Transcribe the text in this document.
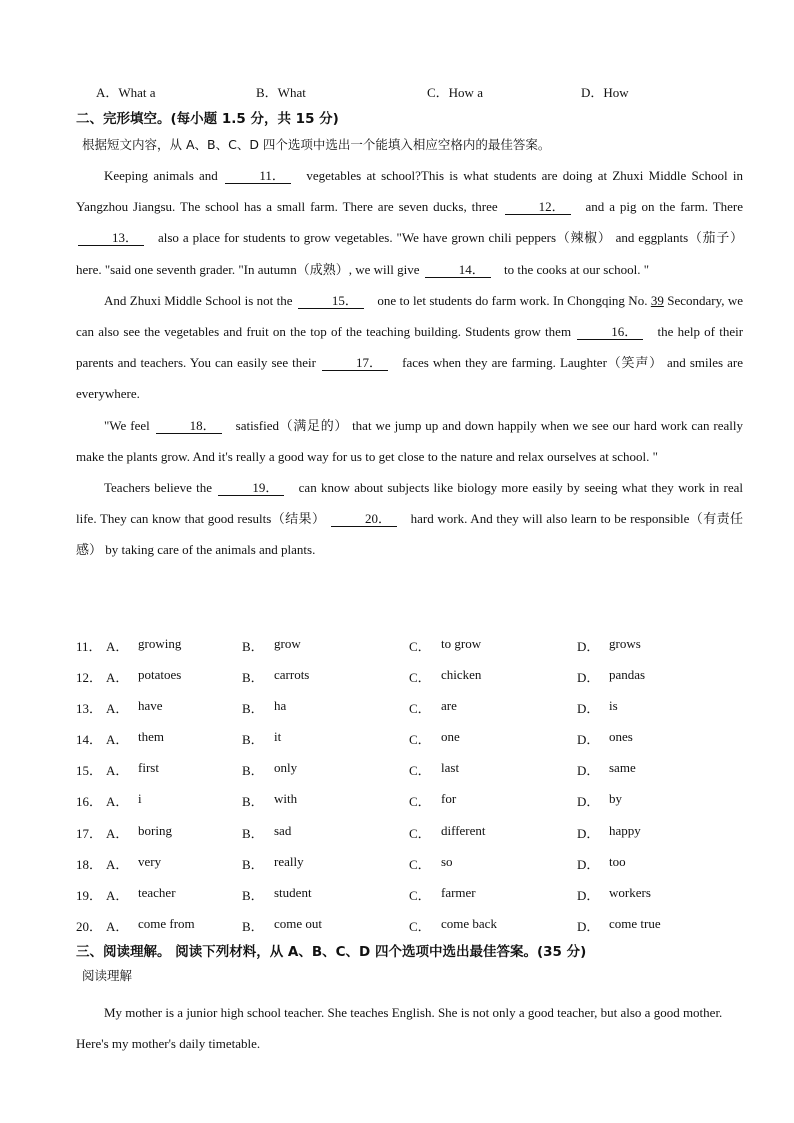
A．What a	B．What	C．How a	D．How
二、完形填空。(每小题 1.5 分，共 15 分)
根据短文内容，从 A、B、C、D 四个选项中选出一个能填入相应空格内的最佳答案。

Keeping animals and	11． vegetables at school?This is what students are doing at Zhuxi Middle School in Yangzhou Jiangsu. The school has a small farm. There are seven ducks, three	12． and a pig on the farm. There 13． also a place for students to grow vegetables. "We have grown chili peppers（辣椒） and eggplants（茄子） here. "said one seventh grader. "In autumn（成熟）, we will give	14． to the cooks at our school. "

And Zhuxi Middle School is not the	15． one to let students do farm work. In Chongqing No. 39 Secondary, we can also see the vegetables and fruit on the top of the teaching building. Students grow them	16． the help of their parents and teachers. You can easily see their	17． faces when they are farming. Laughter（笑声） and smiles are everywhere.

"We feel	18． satisfied（满足的） that we jump up and down happily when we see our hard work can really make the plants grow. And it's really a good way for us to get close to the nature and relax ourselves at school. "

Teachers believe the	19． can know about subjects like biology more easily by seeing what they work in real life. They can know that good results（结果）	20． hard work. And they will also learn to be responsible（有责任感） by taking care of the animals and plants.

11． A． growing	B． grow	C． to grow	D． grows
12． A． potatoes	B． carrots	C． chicken	D． pandas
13． A． have	B． ha	C． are	D． is
14． A． them	B． it	C． one	D． ones
15． A． first	B． only	C． last	D． same
16． A． i	B． with	C． for	D． by
17． A． boring	B． sad	C． different	D． happy
18． A． very	B． really	C． so	D． too
19． A． teacher	B． student	C． farmer	D． workers
20． A． come from	B． come out	C． come back	D． come true
三、阅读理解。 阅读下列材料，从 A、B、C、D 四个选项中选出最佳答案。(35 分)
阅读理解

My mother is a junior high school teacher. She teaches English. She is not only a good teacher, but also a good mother. Here's my mother's daily timetable.
